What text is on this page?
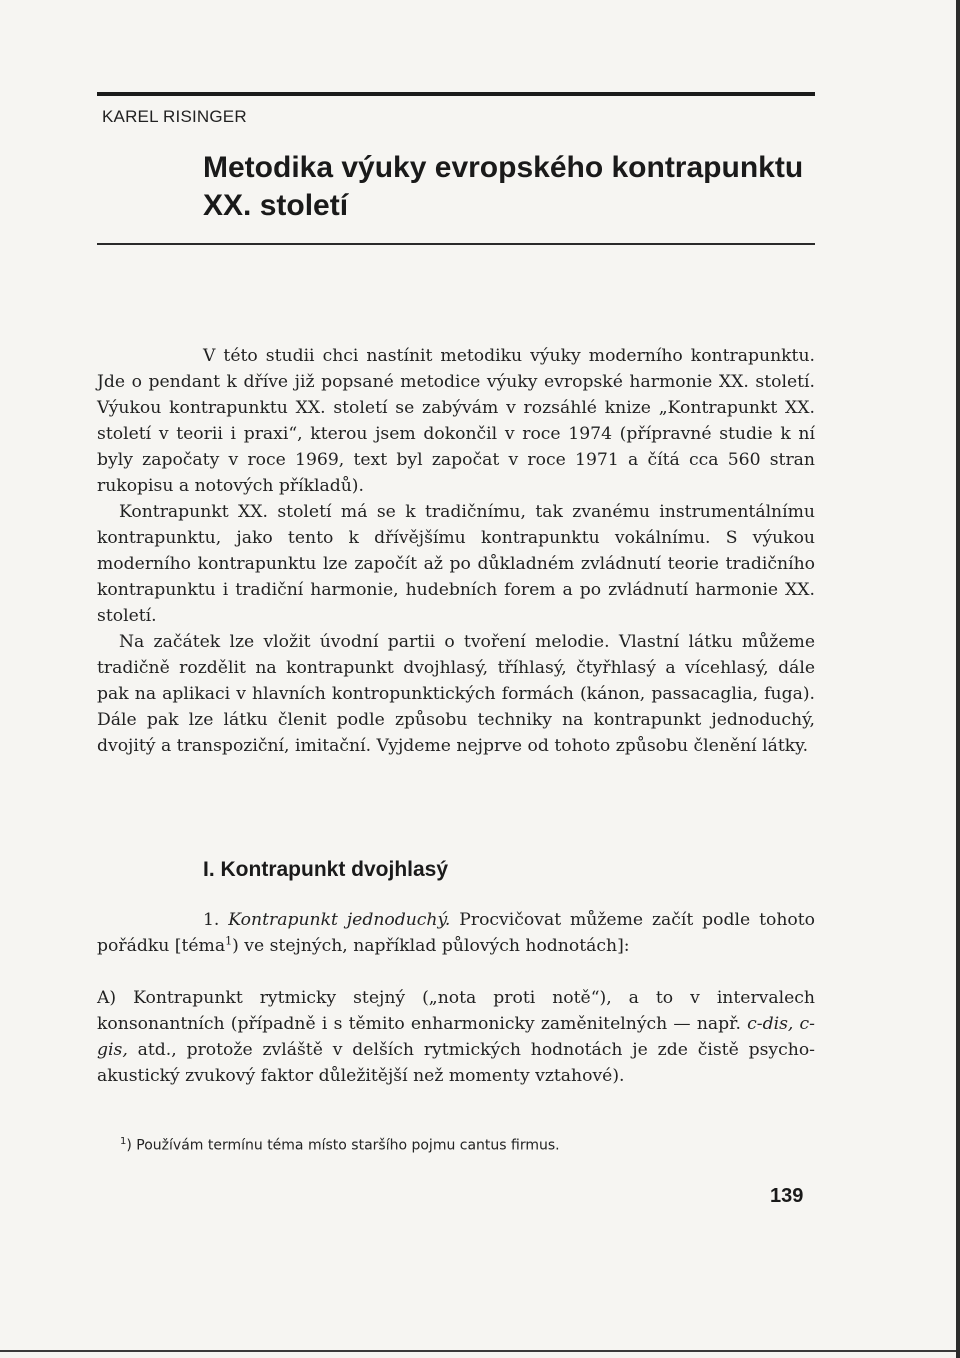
KAREL RISINGER
Metodika výuky evropského kontrapunktu
XX. století

V této studii chci nastínit metodiku výuky moderního kontrapunktu. Jde o pendant k dříve již popsané metodice výuky evropské harmonie XX. století. Výukou kontrapunktu XX. století se zabývám v rozsáhlé knize „Kontrapunkt XX. století v teorii i praxi“, kterou jsem dokončil v roce 1974 (přípravné studie k ní byly započaty v roce 1969, text byl započat v roce 1971 a čítá cca 560 stran rukopisu a notových příkladů).

Kontrapunkt XX. století má se k tradičnímu, tak zvanému instrumentálnímu kontrapunktu, jako tento k dřívějšímu kontrapunktu vokálnímu. S výukou moderního kontrapunktu lze započít až po důkladném zvládnutí teorie tradičního kontrapunktu i tradiční harmonie, hudebních forem a po zvládnutí harmonie XX. století.

Na začátek lze vložit úvodní partii o tvoření melodie. Vlastní látku můžeme tradičně rozdělit na kontrapunkt dvojhlasý, tříhlasý, čtyřhlasý a vícehlasý, dále pak na aplikaci v hlavních kontropunktických formách (kánon, passacaglia, fuga). Dále pak lze látku členit podle způsobu techniky na kontrapunkt jednoduchý, dvojitý a transpoziční, imitační. Vyjdeme nejprve od tohoto způsobu členění látky.

I. Kontrapunkt dvojhlasý

1. Kontrapunkt jednoduchý. Procvičovat můžeme začít podle tohoto pořádku [téma$^1$) ve stejných, například půlových hodnotách]:

A) Kontrapunkt rytmicky stejný („nota proti notě“), a to v intervalech konsonantních (případně i s těmito enharmonicky zaměnitelných — např. c-dis, c-gis, atd., protože zvláště v delších rytmických hodnotách je zde čistě psycho-akustický zvukový faktor důležitější než momenty vztahové).

$^1$) Používám termínu téma místo staršího pojmu cantus firmus.
139
